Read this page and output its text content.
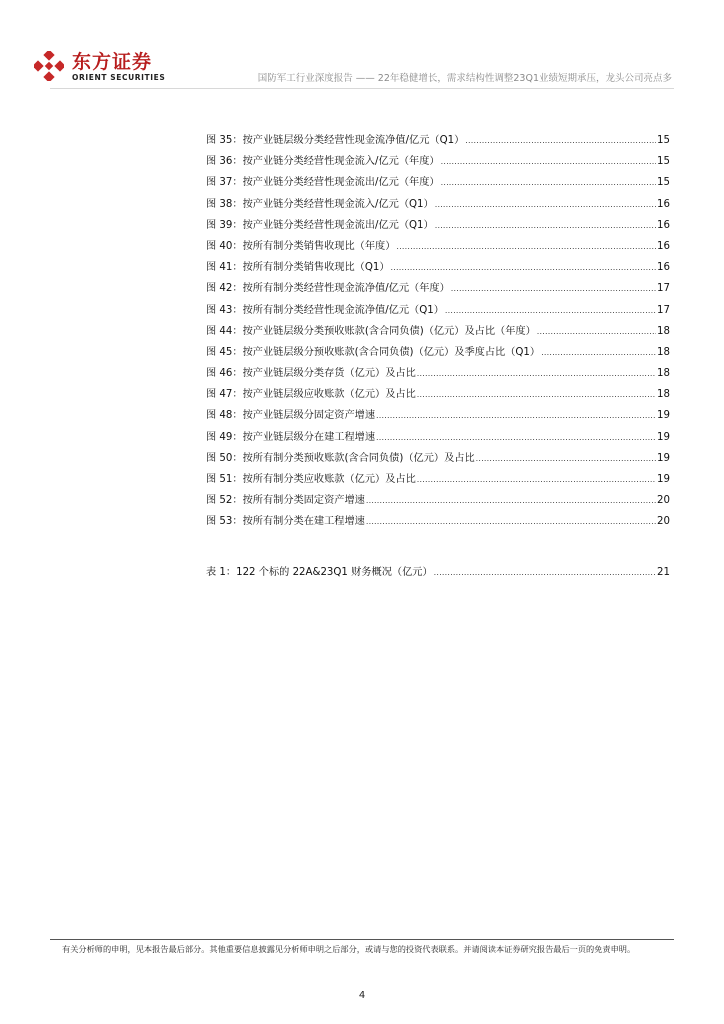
东方证券
ORIENT SECURITIES	国防军工行业深度报告 —— 22年稳健增长，需求结构性调整23Q1业绩短期承压，龙头公司亮点多
图 35：按产业链层级分类经营性现金流净值/亿元（Q1） .....	15
图 36：按产业链分类经营性现金流入/亿元（年度） .....	15
图 37：按产业链分类经营性现金流出/亿元（年度） .....	15
图 38：按产业链分类经营性现金流入/亿元（Q1） .....	16
图 39：按产业链分类经营性现金流出/亿元（Q1） .....	16
图 40：按所有制分类销售收现比（年度） .....	16
图 41：按所有制分类销售收现比（Q1） .....	16
图 42：按所有制分类经营性现金流净值/亿元（年度） .....	17
图 43：按所有制分类经营性现金流净值/亿元（Q1） .....	17
图 44：按产业链层级分类预收账款(含合同负债)（亿元）及占比（年度） .....	18
图 45：按产业链层级分预收账款(含合同负债)（亿元）及季度占比（Q1） .....	18
图 46：按产业链层级分类存货（亿元）及占比 .....	18
图 47：按产业链层级应收账款（亿元）及占比 .....	18
图 48：按产业链层级分固定资产增速 .....	19
图 49：按产业链层级分在建工程增速 .....	19
图 50：按所有制分类预收账款(含合同负债)（亿元）及占比 .....	19
图 51：按所有制分类应收账款（亿元）及占比 .....	19
图 52：按所有制分类固定资产增速 .....	20
图 53：按所有制分类在建工程增速 .....	20
表 1：122 个标的 22A&23Q1 财务概况（亿元） .....	21
有关分析师的申明，见本报告最后部分。其他重要信息披露见分析师申明之后部分，或请与您的投资代表联系。并请阅读本证券研究报告最后一页的免责申明。
4
